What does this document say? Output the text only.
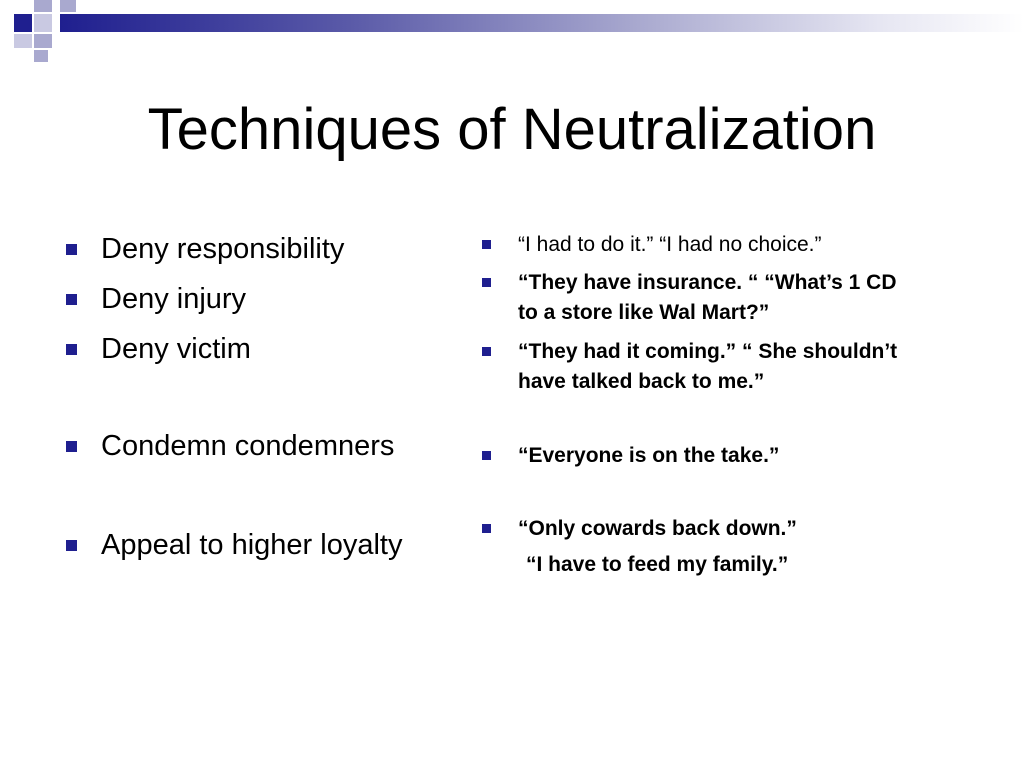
Techniques of Neutralization
Deny responsibility
Deny injury
Deny victim
Condemn condemners
Appeal to higher loyalty
“I had to do it.” “I had no choice.”
“They have insurance. “ “What’s 1 CD
to a store like Wal Mart?”
“They had it coming.” “ She shouldn’t
have talked back to me.”
“Everyone is on the take.”
“Only cowards back down.”
“I have to feed my family.”
